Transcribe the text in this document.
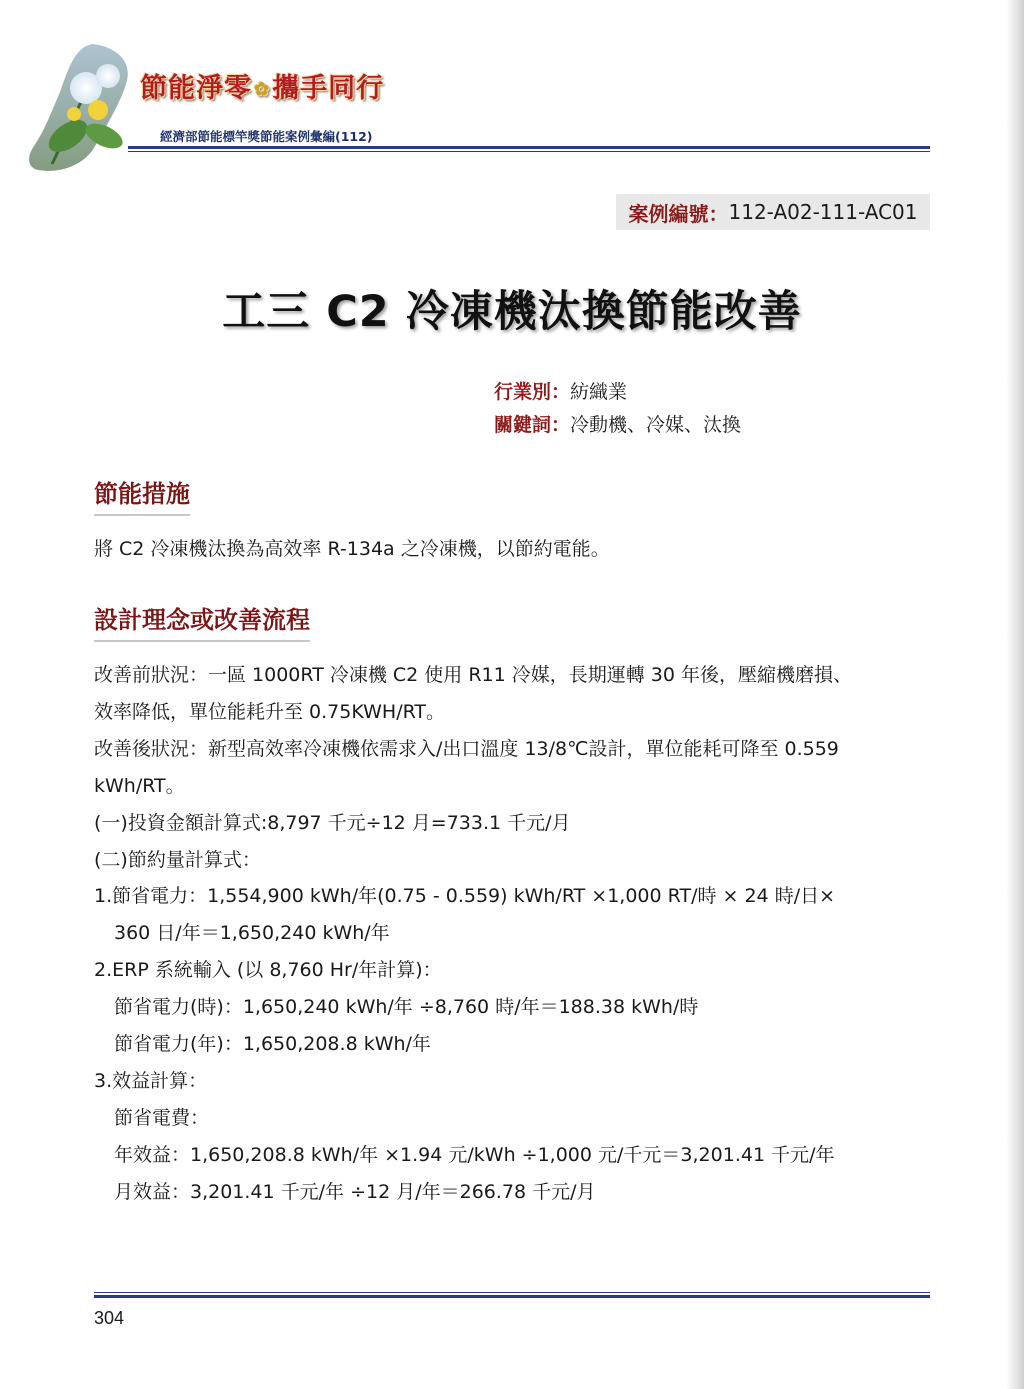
節能淨零 ✿攜手同行
經濟部節能標竿獎節能案例彙編(112)
案例編號： 112-A02-111-AC01
工三 C2 冷凍機汰換節能改善
行業別：紡織業
關鍵詞：冷動機、冷媒、汰換
節能措施
將 C2 冷凍機汰換為高效率 R-134a 之冷凍機，以節約電能。
設計理念或改善流程
改善前狀況：一區 1000RT 冷凍機 C2 使用 R11 冷媒，長期運轉 30 年後，壓縮機磨損、
效率降低，單位能耗升至 0.75KWH/RT。
改善後狀況：新型高效率冷凍機依需求入/出口溫度 13/8℃設計，單位能耗可降至 0.559
kWh/RT。
(一)投資金額計算式:8,797 千元÷12 月=733.1 千元/月
(二)節約量計算式：
1.節省電力：1,554,900 kWh/年(0.75 - 0.559) kWh/RT ×1,000 RT/時 × 24 時/日×
360 日/年＝1,650,240 kWh/年
2.ERP 系統輸入 (以 8,760 Hr/年計算)：
節省電力(時)：1,650,240 kWh/年 ÷8,760 時/年＝188.38 kWh/時
節省電力(年)：1,650,208.8 kWh/年
3.效益計算：
節省電費：
年效益：1,650,208.8 kWh/年 ×1.94 元/kWh ÷1,000 元/千元＝3,201.41 千元/年
月效益：3,201.41 千元/年 ÷12 月/年＝266.78 千元/月
304
